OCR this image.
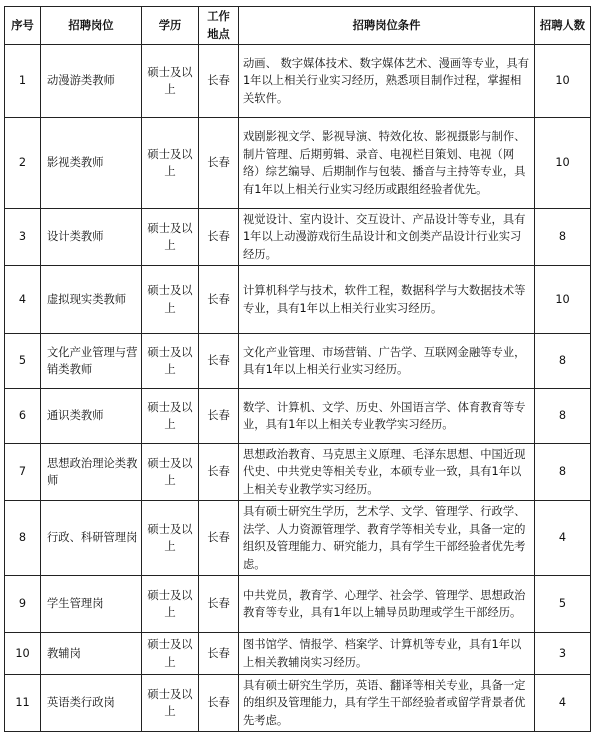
序号	招聘岗位	学历	工作地点	招聘岗位条件	招聘人数
1	动漫游类教师	硕士及以上	长春	动画、 数字媒体技术、数字媒体艺术、漫画等专业，具有1年以上相关行业实习经历，熟悉项目制作过程，掌握相关软件。	10
2	影视类教师	硕士及以上	长春	戏剧影视文学、影视导演、特效化妆、影视摄影与制作、制片管理、后期剪辑、录音、电视栏目策划、电视（网络）综艺编导、后期制作与包装、播音与主持等专业，具有1年以上相关行业实习经历或跟组经验者优先。	10
3	设计类教师	硕士及以上	长春	视觉设计、室内设计、交互设计、产品设计等专业，具有1年以上动漫游戏衍生品设计和文创类产品设计行业实习经历。	8
4	虚拟现实类教师	硕士及以上	长春	计算机科学与技术，软件工程，数据科学与大数据技术等专业，具有1年以上相关行业实习经历。	10
5	文化产业管理与营销类教师	硕士及以上	长春	文化产业管理、市场营销、广告学、互联网金融等专业，具有1年以上相关行业实习经历。	8
6	通识类教师	硕士及以上	长春	数学、计算机、文学、历史、外国语言学、体育教育等专业，具有1年以上相关专业教学实习经历。	8
7	思想政治理论类教师	硕士及以上	长春	思想政治教育、马克思主义原理、毛泽东思想、中国近现代史、中共党史等相关专业，本硕专业一致，具有1年以上相关专业教学实习经历。	8
8	行政、科研管理岗	硕士及以上	长春	具有硕士研究生学历，艺术学、文学、管理学、行政学、法学、人力资源管理学、教育学等相关专业，具备一定的组织及管理能力、研究能力，具有学生干部经验者优先考虑。	4
9	学生管理岗	硕士及以上	长春	中共党员，教育学、心理学、社会学、管理学、思想政治教育等专业，具有1年以上辅导员助理或学生干部经历。	5
10	教辅岗	硕士及以上	长春	图书馆学、情报学、档案学、计算机等专业，具有1年以上相关教辅岗实习经历。	3
11	英语类行政岗	硕士及以上	长春	具有硕士研究生学历，英语、翻译等相关专业，具备一定的组织及管理能力，具有学生干部经验者或留学背景者优先考虑。	4
